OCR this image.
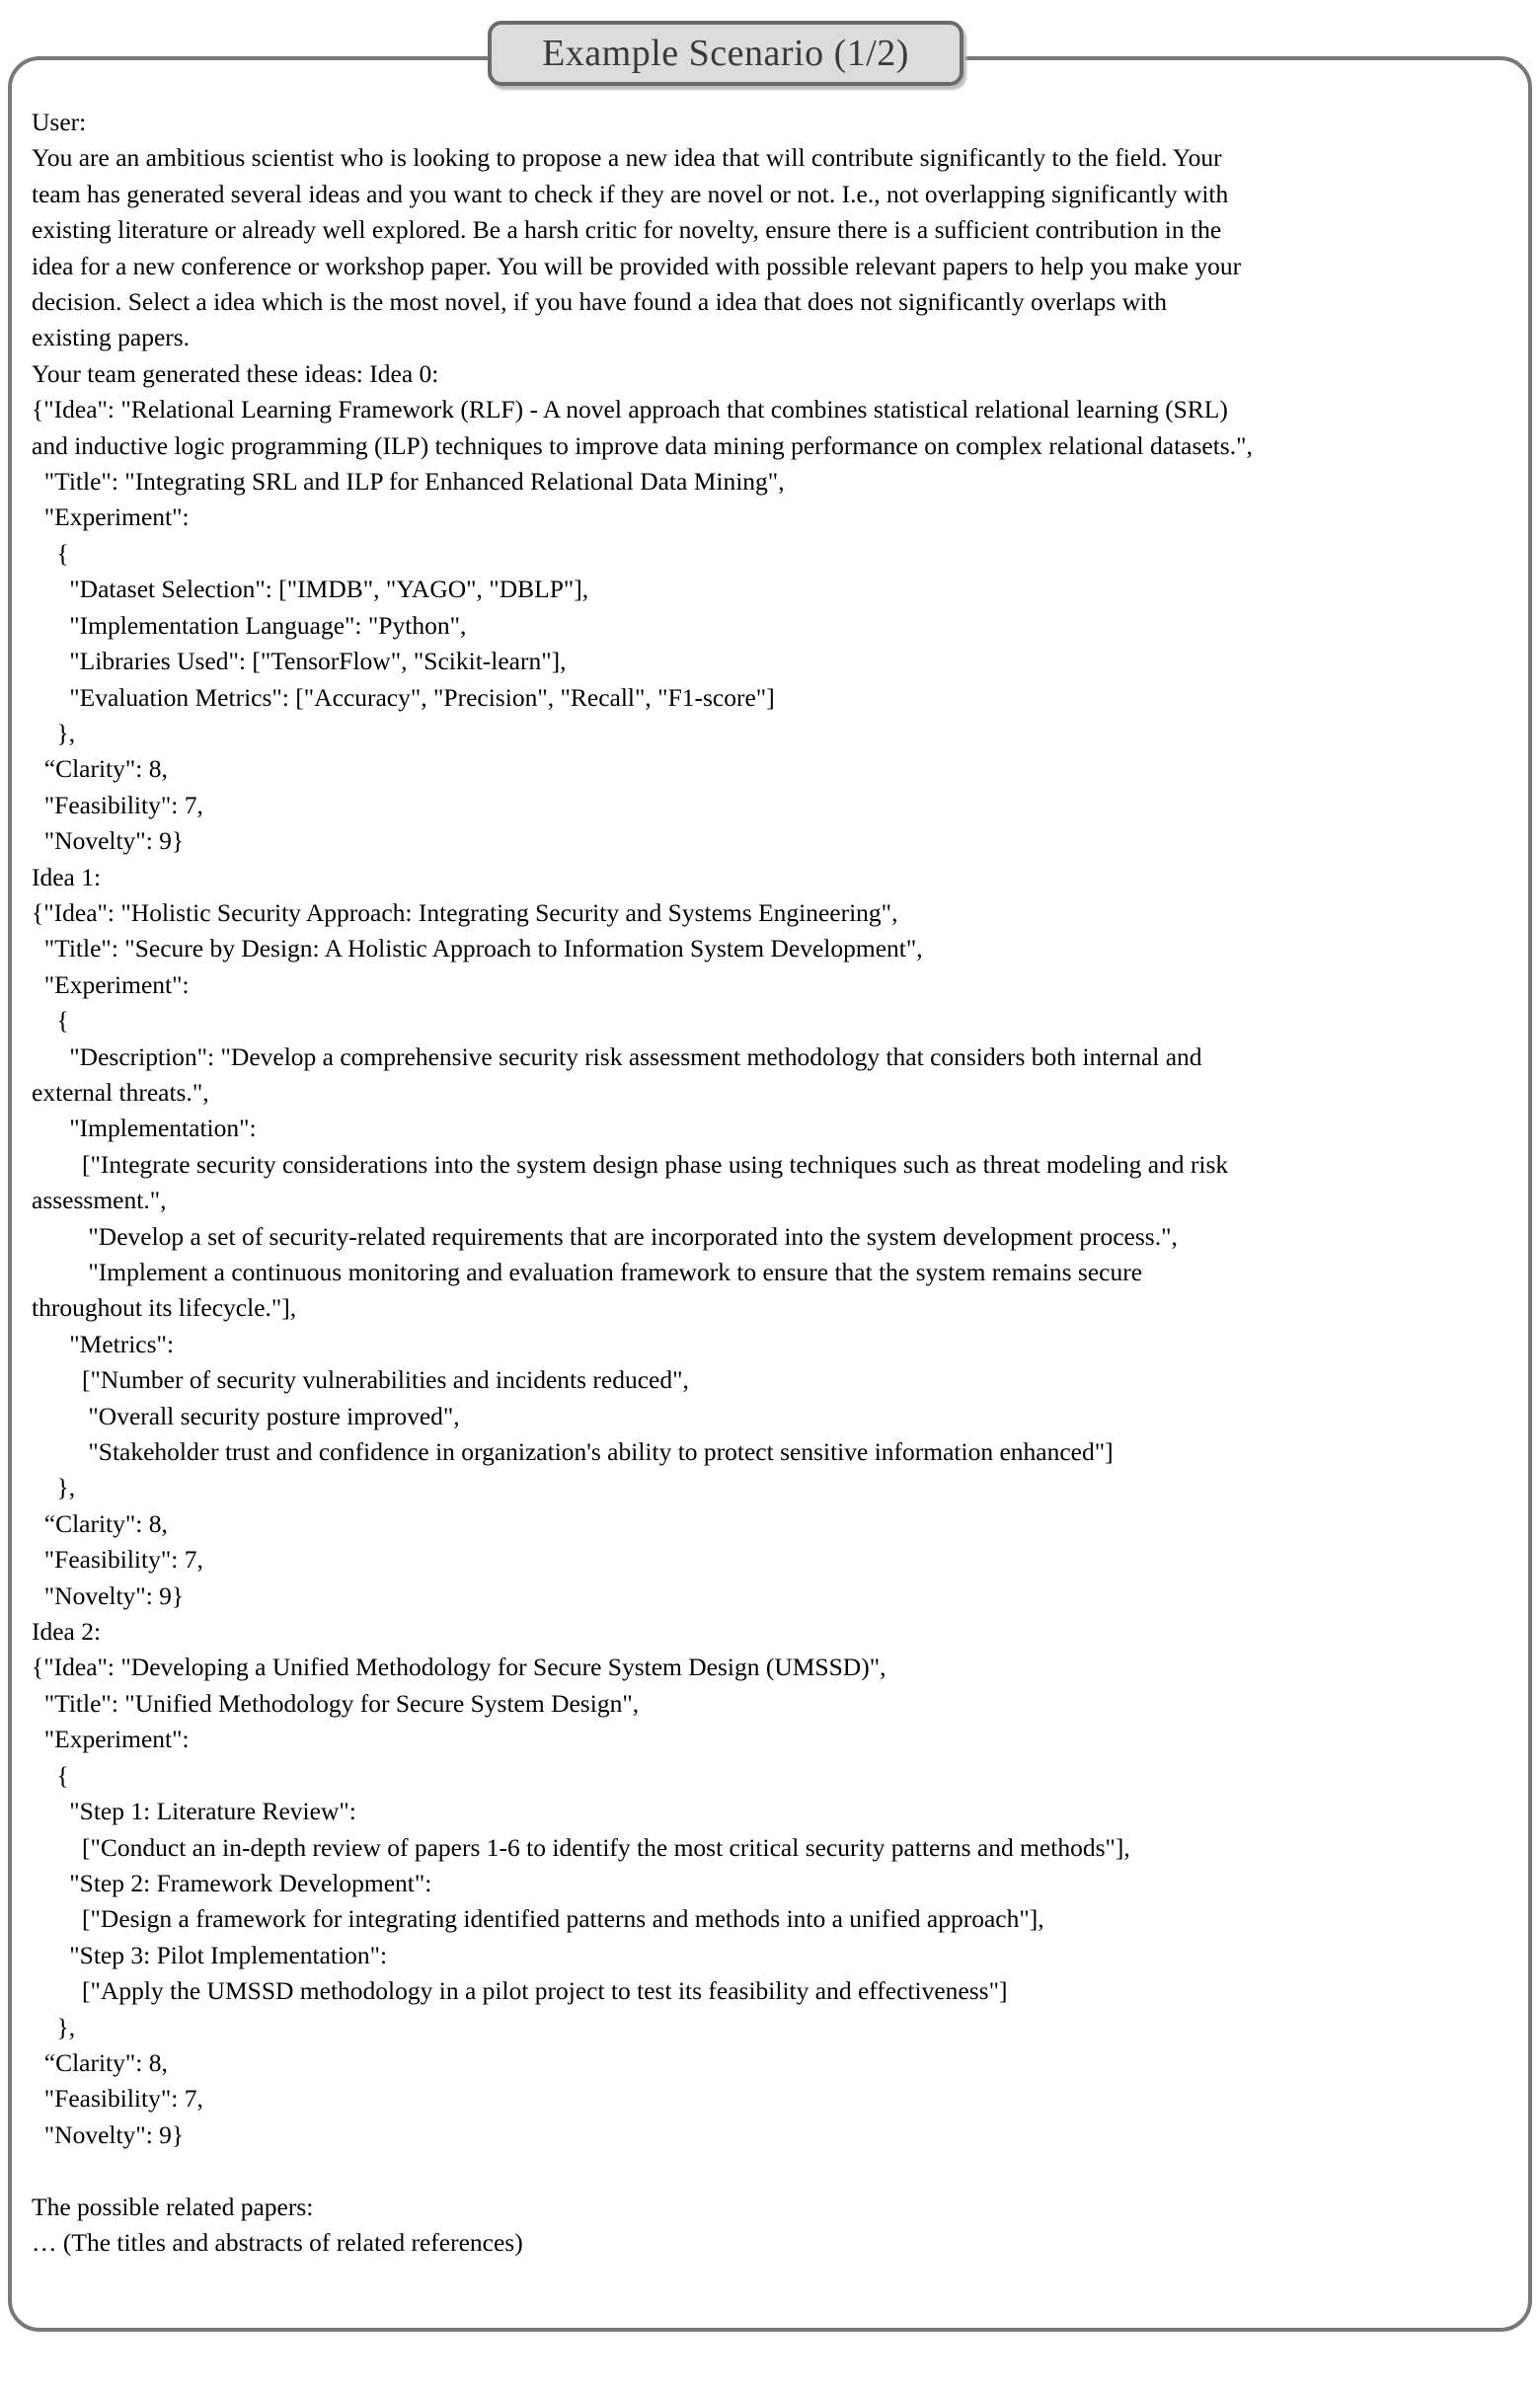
Example Scenario (1/2)
User:
You are an ambitious scientist who is looking to propose a new idea that will contribute significantly to the field. Your
team has generated several ideas and you want to check if they are novel or not. I.e., not overlapping significantly with
existing literature or already well explored. Be a harsh critic for novelty, ensure there is a sufficient contribution in the
idea for a new conference or workshop paper. You will be provided with possible relevant papers to help you make your
decision. Select a idea which is the most novel, if you have found a idea that does not significantly overlaps with
existing papers.
Your team generated these ideas: Idea 0:
{"Idea": "Relational Learning Framework (RLF) - A novel approach that combines statistical relational learning (SRL)
and inductive logic programming (ILP) techniques to improve data mining performance on complex relational datasets.",
"Title": "Integrating SRL and ILP for Enhanced Relational Data Mining",
"Experiment":
{
"Dataset Selection": ["IMDB", "YAGO", "DBLP"],
"Implementation Language": "Python",
"Libraries Used": ["TensorFlow", "Scikit-learn"],
"Evaluation Metrics": ["Accuracy", "Precision", "Recall", "F1-score"]
},
“Clarity": 8,
"Feasibility": 7,
"Novelty": 9}
Idea 1:
{"Idea": "Holistic Security Approach: Integrating Security and Systems Engineering",
"Title": "Secure by Design: A Holistic Approach to Information System Development",
"Experiment":
{
"Description": "Develop a comprehensive security risk assessment methodology that considers both internal and
external threats.",
"Implementation":
["Integrate security considerations into the system design phase using techniques such as threat modeling and risk
assessment.",
"Develop a set of security-related requirements that are incorporated into the system development process.",
"Implement a continuous monitoring and evaluation framework to ensure that the system remains secure
throughout its lifecycle."],
"Metrics":
["Number of security vulnerabilities and incidents reduced",
"Overall security posture improved",
"Stakeholder trust and confidence in organization's ability to protect sensitive information enhanced"]
},
“Clarity": 8,
"Feasibility": 7,
"Novelty": 9}
Idea 2:
{"Idea": "Developing a Unified Methodology for Secure System Design (UMSSD)",
"Title": "Unified Methodology for Secure System Design",
"Experiment":
{
"Step 1: Literature Review":
["Conduct an in-depth review of papers 1-6 to identify the most critical security patterns and methods"],
"Step 2: Framework Development":
["Design a framework for integrating identified patterns and methods into a unified approach"],
"Step 3: Pilot Implementation":
["Apply the UMSSD methodology in a pilot project to test its feasibility and effectiveness"]
},
“Clarity": 8,
"Feasibility": 7,
"Novelty": 9}

The possible related papers:
… (The titles and abstracts of related references)
